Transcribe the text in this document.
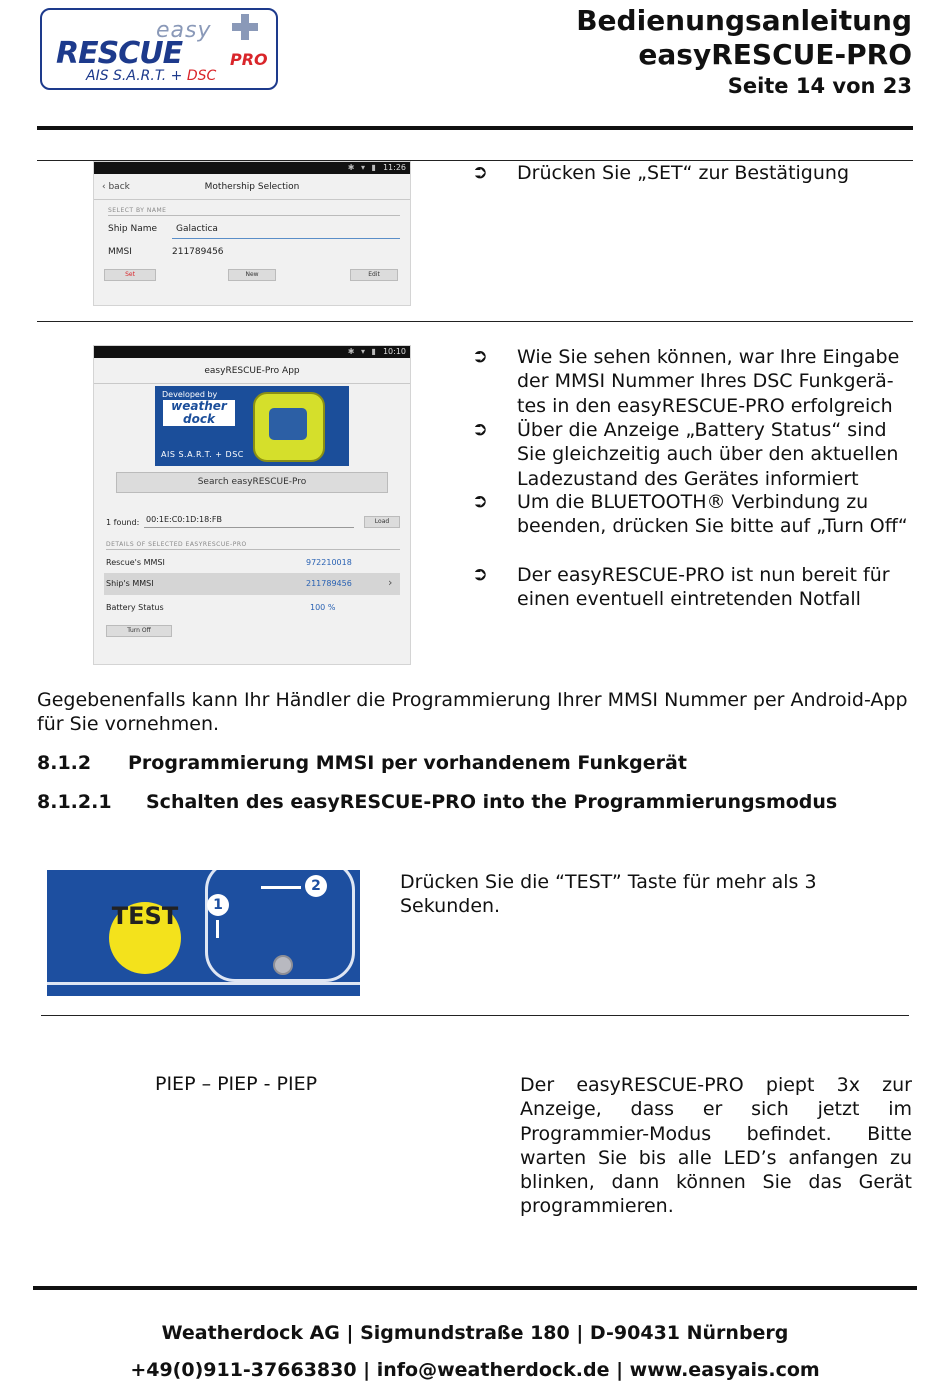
easy
RESCUE	PRO
AIS S.A.R.T. + DSC
Bedienungsanleitung
easyRESCUE-PRO
Seite 14 von 23
✱ ▾ ▮ 11:26
‹ back	Mothership Selection
SELECT BY NAME
Ship Name Galactica
MMSI	211789456
Set	New	Edit
➲ Drücken Sie „SET“ zur Bestätigung
✱ ▾ ▮ 10:10
easyRESCUE-Pro App
Developed by
weather
dock
AIS S.A.R.T. + DSC
Search easyRESCUE-Pro
1 found: 00:1E:C0:1D:18:FB	Load
DETAILS OF SELECTED EASYRESCUE-PRO
Rescue's MMSI	972210018
Ship's MMSI	211789456	›
Battery Status	100 %
Turn Off
➲ Wie Sie sehen können, war Ihre Eingabe der MMSI Nummer Ihres DSC Funkgerä-tes in den easyRESCUE-PRO erfolgreich
➲ Über die Anzeige „Battery Status“ sind Sie gleichzeitig auch über den aktuellen Ladezustand des Gerätes informiert
➲ Um die BLUETOOTH® Verbindung zu beenden, drücken Sie bitte auf „Turn Off“
➲ Der easyRESCUE-PRO ist nun bereit für einen eventuell eintretenden Notfall
Gegebenenfalls kann Ihr Händler die Programmierung Ihrer MMSI Nummer per Android-App für Sie vornehmen.
8.1.2 Programmierung MMSI per vorhandenem Funkgerät
8.1.2.1 Schalten des easyRESCUE-PRO into the Programmierungsmodus
TEST	1
2	Drücken Sie die “TEST” Taste für mehr als 3 Sekunden.
PIEP – PIEP - PIEP	Der easyRESCUE-PRO piept 3x zur Anzeige, dass er sich jetzt im Programmier-Modus befindet. Bitte warten Sie bis alle LED’s anfangen zu blinken, dann können Sie das Gerät programmieren.
Weatherdock AG | Sigmundstraße 180 | D-90431 Nürnberg
+49(0)911-37663830 | info@weatherdock.de | www.easyais.com
